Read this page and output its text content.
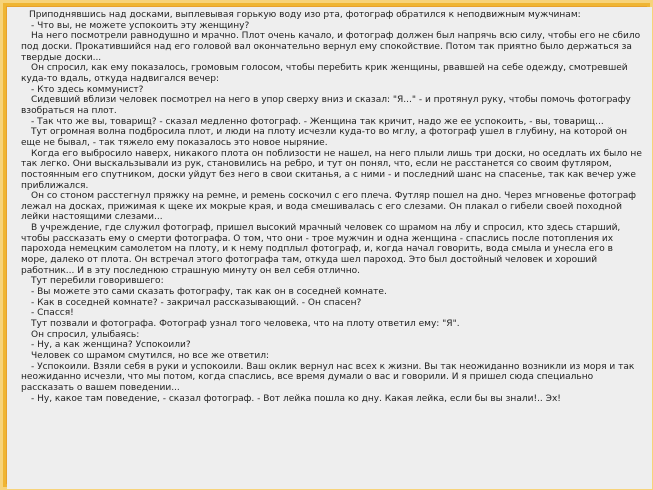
Приподнявшись над досками, выплевывая горькую воду изо рта, фотограф обратился к неподвижным мужчинам:

- Что вы, не можете успокоить эту женщину?

На него посмотрели равнодушно и мрачно. Плот очень качало, и фотограф должен был напрячь всю силу, чтобы его не сбило под доски. Прокатившийся над его головой вал окончательно вернул ему спокойствие. Потом так приятно было держаться за твердые доски...

Он спросил, как ему показалось, громовым голосом, чтобы перебить крик женщины, рвавшей на себе одежду, смотревшей куда-то вдаль, откуда надвигался вечер:

- Кто здесь коммунист?

Сидевший вблизи человек посмотрел на него в упор сверху вниз и сказал: "Я..." - и протянул руку, чтобы помочь фотографу взобраться на плот.

- Так что же вы, товарищ? - сказал медленно фотограф. - Женщина так кричит, надо же ее успокоить, - вы, товарищ...

Тут огромная волна подбросила плот, и люди на плоту исчезли куда-то во мглу, а фотограф ушел в глубину, на которой он еще не бывал, - так тяжело ему показалось это новое ныряние.

Когда его выбросило наверх, никакого плота он поблизости не нашел, на него плыли лишь три доски, но оседлать их было не так легко. Они выскальзывали из рук, становились на ребро, и тут он понял, что, если не расстанется со своим футляром, постоянным его спутником, доски уйдут без него в свои скитанья, а с ними - и последний шанс на спасенье, так как вечер уже приближался.

Он со стоном расстегнул пряжку на ремне, и ремень соскочил с его плеча. Футляр пошел на дно. Через мгновенье фотограф лежал на досках, прижимая к щеке их мокрые края, и вода смешивалась с его слезами. Он плакал о гибели своей походной лейки настоящими слезами...

В учреждение, где служил фотограф, пришел высокий мрачный человек со шрамом на лбу и спросил, кто здесь старший, чтобы рассказать ему о смерти фотографа. О том, что они - трое мужчин и одна женщина - спаслись после потопления их парохода немецким самолетом на плоту, и к нему подплыл фотограф, и, когда начал говорить, вода смыла и унесла его в море, далеко от плота. Он встречал этого фотографа там, откуда шел пароход. Это был достойный человек и хороший работник... И в эту последнюю страшную минуту он вел себя отлично.

Тут перебили говорившего:

- Вы можете это сами сказать фотографу, так как он в соседней комнате.

- Как в соседней комнате? - закричал рассказывающий. - Он спасен?

- Спасся!

Тут позвали и фотографа. Фотограф узнал того человека, что на плоту ответил ему: "Я".

Он спросил, улыбаясь:

- Ну, а как женщина? Успокоили?

Человек со шрамом смутился, но все же ответил:

- Успокоили. Взяли себя в руки и успокоили. Ваш оклик вернул нас всех к жизни. Вы так неожиданно возникли из моря и так неожиданно исчезли, что мы потом, когда спаслись, все время думали о вас и говорили. И я пришел сюда специально рассказать о вашем поведении...

- Ну, какое там поведение, - сказал фотограф. - Вот лейка пошла ко дну. Какая лейка, если бы вы знали!.. Эх!
